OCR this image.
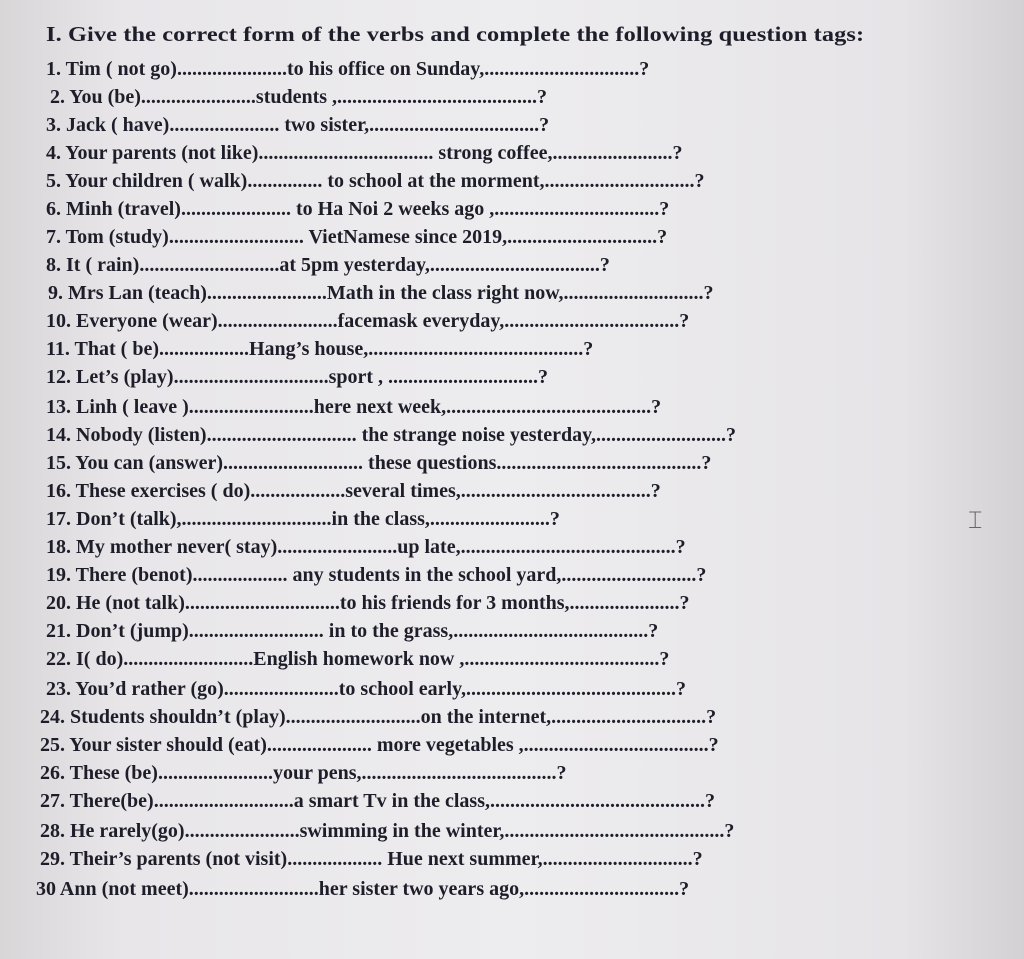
I. Give the correct form of the verbs and complete the following question tags:
1. Tim ( not go)......................to his office on Sunday,...............................?
2. You (be).......................students ,........................................?
3. Jack ( have)...................... two sister,..................................?
4. Your parents (not like)................................... strong coffee,........................?
5. Your children ( walk)............... to school at the morment,..............................?
6. Minh (travel)...................... to Ha Noi 2 weeks ago ,.................................?
7. Tom (study)........................... VietNamese since 2019,..............................?
8. It ( rain)............................at 5pm yesterday,..................................?
9. Mrs Lan (teach)........................Math in the class right now,............................?
10. Everyone (wear)........................facemask everyday,...................................?
11. That ( be)..................Hang’s house,...........................................?
12. Let’s (play)...............................sport , ..............................?
13. Linh ( leave ).........................here next week,.........................................?
14. Nobody (listen).............................. the strange noise yesterday,..........................?
15. You can (answer)............................ these questions.........................................?
16. These exercises ( do)...................several times,......................................?
17. Don’t (talk),..............................in the class,........................?
18. My mother never( stay)........................up late,...........................................?
19. There (benot)................... any students in the school yard,...........................?
20. He (not talk)...............................to his friends for 3 months,......................?
21. Don’t (jump)........................... in to the grass,.......................................?
22. I( do)..........................English homework now ,.......................................?
23. You’d rather (go).......................to school early,..........................................?
24. Students shouldn’t (play)...........................on the internet,...............................?
25. Your sister should (eat)..................... more vegetables ,.....................................?
26. These (be).......................your pens,.......................................?
27. There(be)............................a smart Tv in the class,...........................................?
28. He rarely(go).......................swimming in the winter,............................................?
29. Their’s parents (not visit)................... Hue next summer,..............................?
30 Ann (not meet)..........................her sister two years ago,...............................?
⌶
